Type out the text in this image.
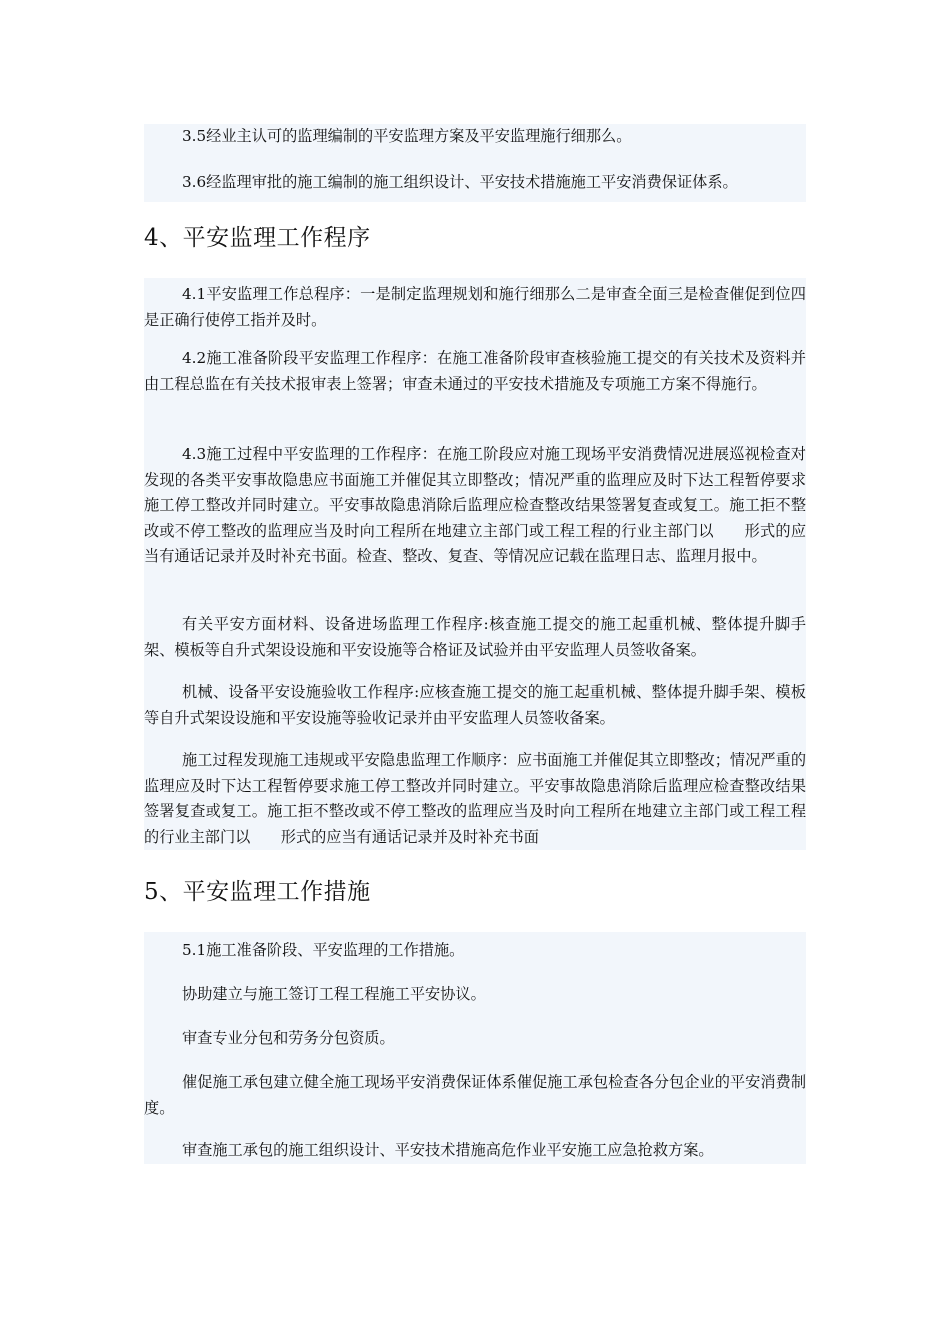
3.5经业主认可的监理编制的平安监理方案及平安监理施行细那么。

3.6经监理审批的施工编制的施工组织设计、平安技术措施施工平安消费保证体系。

4、平安监理工作程序

4.1平安监理工作总程序：一是制定监理规划和施行细那么二是审查全面三是检查催促到位四是正确行使停工指并及时。

4.2施工准备阶段平安监理工作程序：在施工准备阶段审查核验施工提交的有关技术及资料并由工程总监在有关技术报审表上签署；审查未通过的平安技术措施及专项施工方案不得施行。

4.3施工过程中平安监理的工作程序：在施工阶段应对施工现场平安消费情况进展巡视检查对发现的各类平安事故隐患应书面施工并催促其立即整改；情况严重的监理应及时下达工程暂停要求施工停工整改并同时建立。平安事故隐患消除后监理应检查整改结果签署复查或复工。施工拒不整改或不停工整改的监理应当及时向工程所在地建立主部门或工程工程的行业主部门以　　形式的应当有通话记录并及时补充书面。检查、整改、复查、等情况应记载在监理日志、监理月报中。

有关平安方面材料、设备进场监理工作程序:核查施工提交的施工起重机械、整体提升脚手架、模板等自升式架设设施和平安设施等合格证及试验并由平安监理人员签收备案。

机械、设备平安设施验收工作程序:应核查施工提交的施工起重机械、整体提升脚手架、模板等自升式架设设施和平安设施等验收记录并由平安监理人员签收备案。

施工过程发现施工违规或平安隐患监理工作顺序：应书面施工并催促其立即整改；情况严重的监理应及时下达工程暂停要求施工停工整改并同时建立。平安事故隐患消除后监理应检查整改结果签署复查或复工。施工拒不整改或不停工整改的监理应当及时向工程所在地建立主部门或工程工程的行业主部门以　　形式的应当有通话记录并及时补充书面

5、平安监理工作措施

5.1施工准备阶段、平安监理的工作措施。

协助建立与施工签订工程工程施工平安协议。

审查专业分包和劳务分包资质。

催促施工承包建立健全施工现场平安消费保证体系催促施工承包检查各分包企业的平安消费制度。

审查施工承包的施工组织设计、平安技术措施高危作业平安施工应急抢救方案。
